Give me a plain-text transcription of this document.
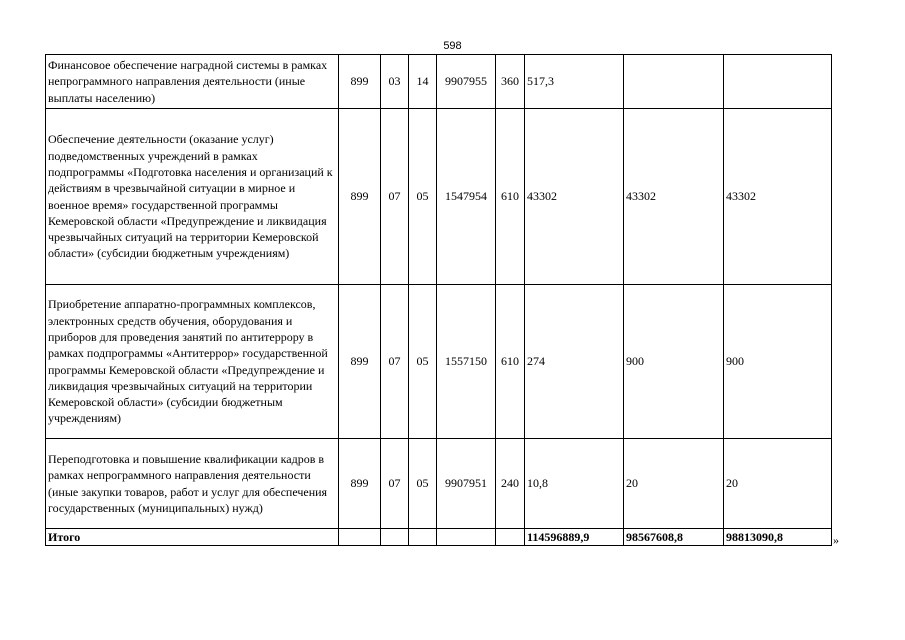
598
Финансовое обеспечение наградной системы в рамках непрограммного направления деятельности (иные выплаты населению)	899	03	14	9907955	360	517,3		
Обеспечение деятельности (оказание услуг) подведомственных учреждений в рамках подпрограммы «Подготовка населения и организаций к действиям в чрезвычайной ситуации в мирное и военное время» государственной программы Кемеровской области «Предупреждение и ликвидация чрезвычайных ситуаций на территории Кемеровской области» (субсидии бюджетным учреждениям)	899	07	05	1547954	610	43302	43302	43302
Приобретение аппаратно-программных комплексов, электронных средств обучения, оборудования и приборов для проведения занятий по антитеррору в рамках подпрограммы «Антитеррор» государственной программы Кемеровской области «Предупреждение и ликвидация чрезвычайных ситуаций на территории Кемеровской области» (субсидии бюджетным учреждениям)	899	07	05	1557150	610	274	900	900
Переподготовка и повышение квалификации кадров в рамках непрограммного направления деятельности (иные закупки товаров, работ и услуг для обеспечения государственных (муниципальных) нужд)	899	07	05	9907951	240	10,8	20	20
Итого						114596889,9	98567608,8	98813090,8	»
